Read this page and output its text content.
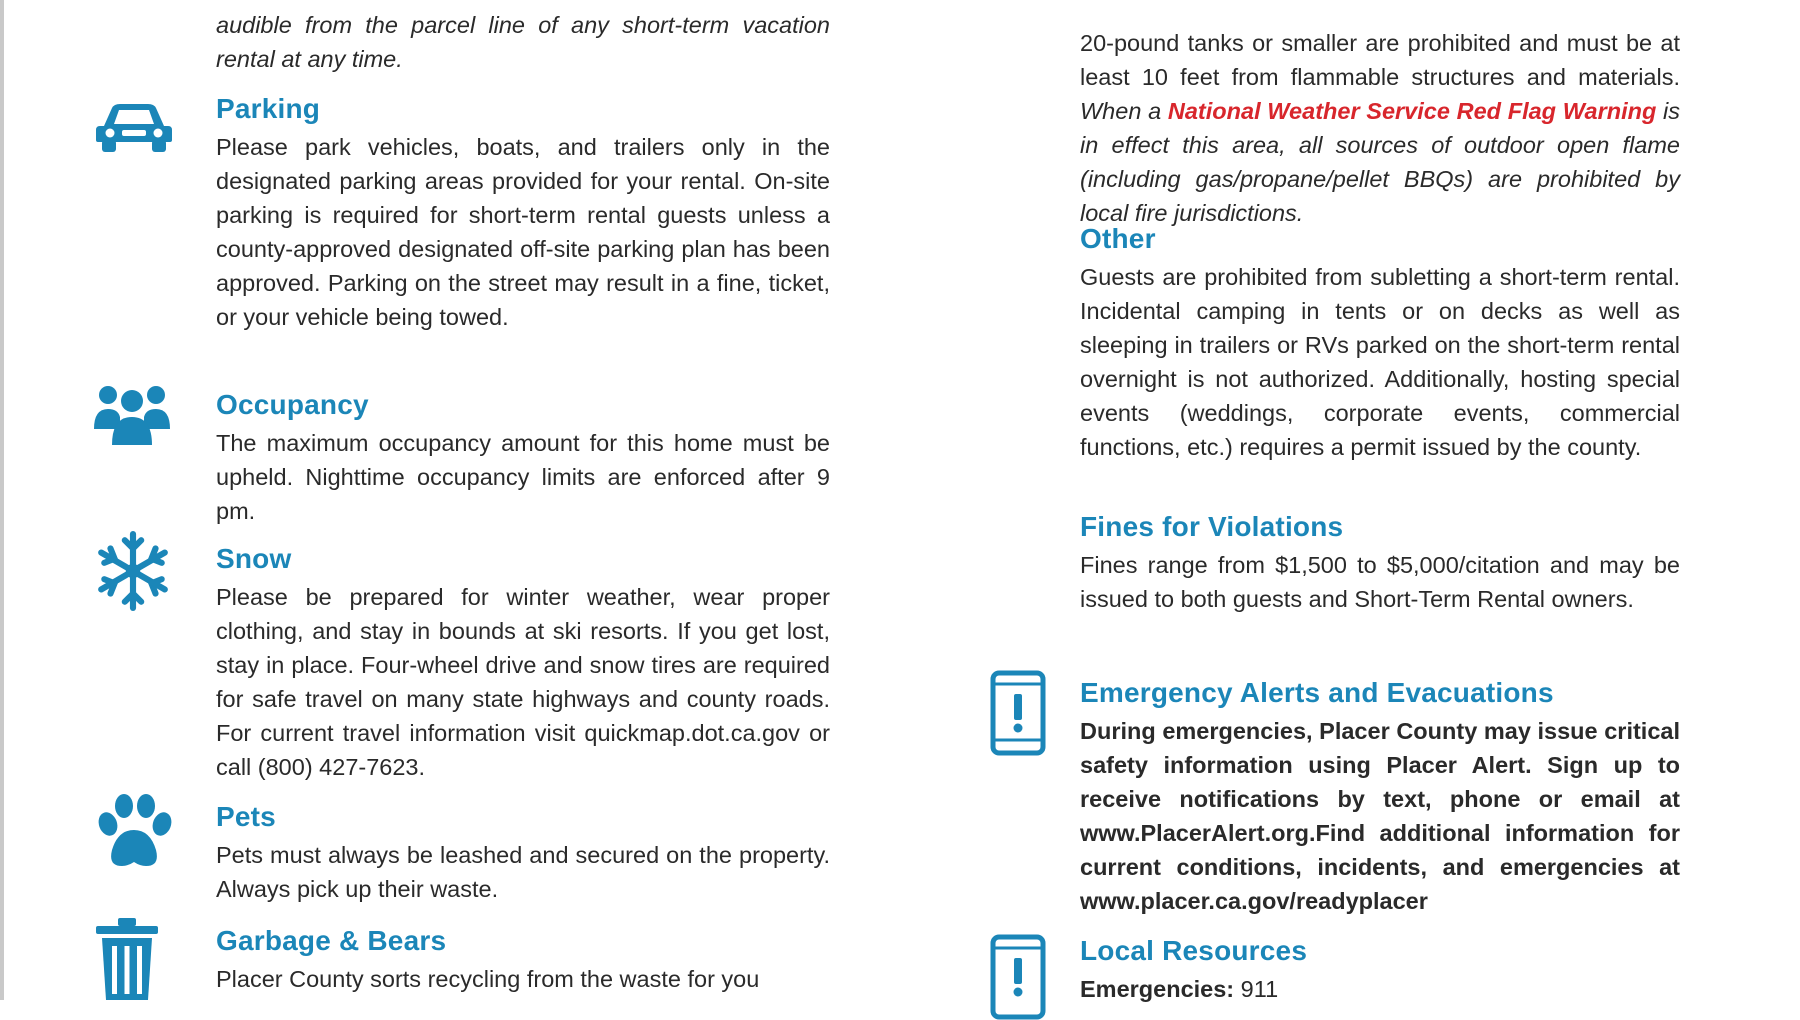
audible from the parcel line of any short-term vacation rental at any time.

Parking

Please park vehicles, boats, and trailers only in the designated parking areas provided for your rental. On-site parking is required for short-term rental guests unless a county-approved designated off-site parking plan has been approved. Parking on the street may result in a fine, ticket, or your vehicle being towed.

Occupancy

The maximum occupancy amount for this home must be upheld. Nighttime occupancy limits are enforced after 9 pm.

Snow

Please be prepared for winter weather, wear proper clothing, and stay in bounds at ski resorts. If you get lost, stay in place. Four-wheel drive and snow tires are required for safe travel on many state highways and county roads. For current travel information visit quickmap.dot.ca.gov or call (800) 427-7623.

Pets

Pets must always be leashed and secured on the property. Always pick up their waste.

Garbage & Bears

Placer County sorts recycling from the waste for you

20-pound tanks or smaller are prohibited and must be at least 10 feet from flammable structures and materials. When a National Weather Service Red Flag Warning is in effect this area, all sources of outdoor open flame (including gas/propane/pellet BBQs) are prohibited by local fire jurisdictions.

Other

Guests are prohibited from subletting a short-term rental. Incidental camping in tents or on decks as well as sleeping in trailers or RVs parked on the short-term rental overnight is not authorized. Additionally, hosting special events (weddings, corporate events, commercial functions, etc.) requires a permit issued by the county.

Fines for Violations

Fines range from $1,500 to $5,000/citation and may be issued to both guests and Short-Term Rental owners.

Emergency Alerts and Evacuations

During emergencies, Placer County may issue critical safety information using Placer Alert. Sign up to receive notifications by text, phone or email at www.PlacerAlert.org.Find additional information for current conditions, incidents, and emergencies at www.placer.ca.gov/readyplacer

Local Resources

Emergencies: 911
